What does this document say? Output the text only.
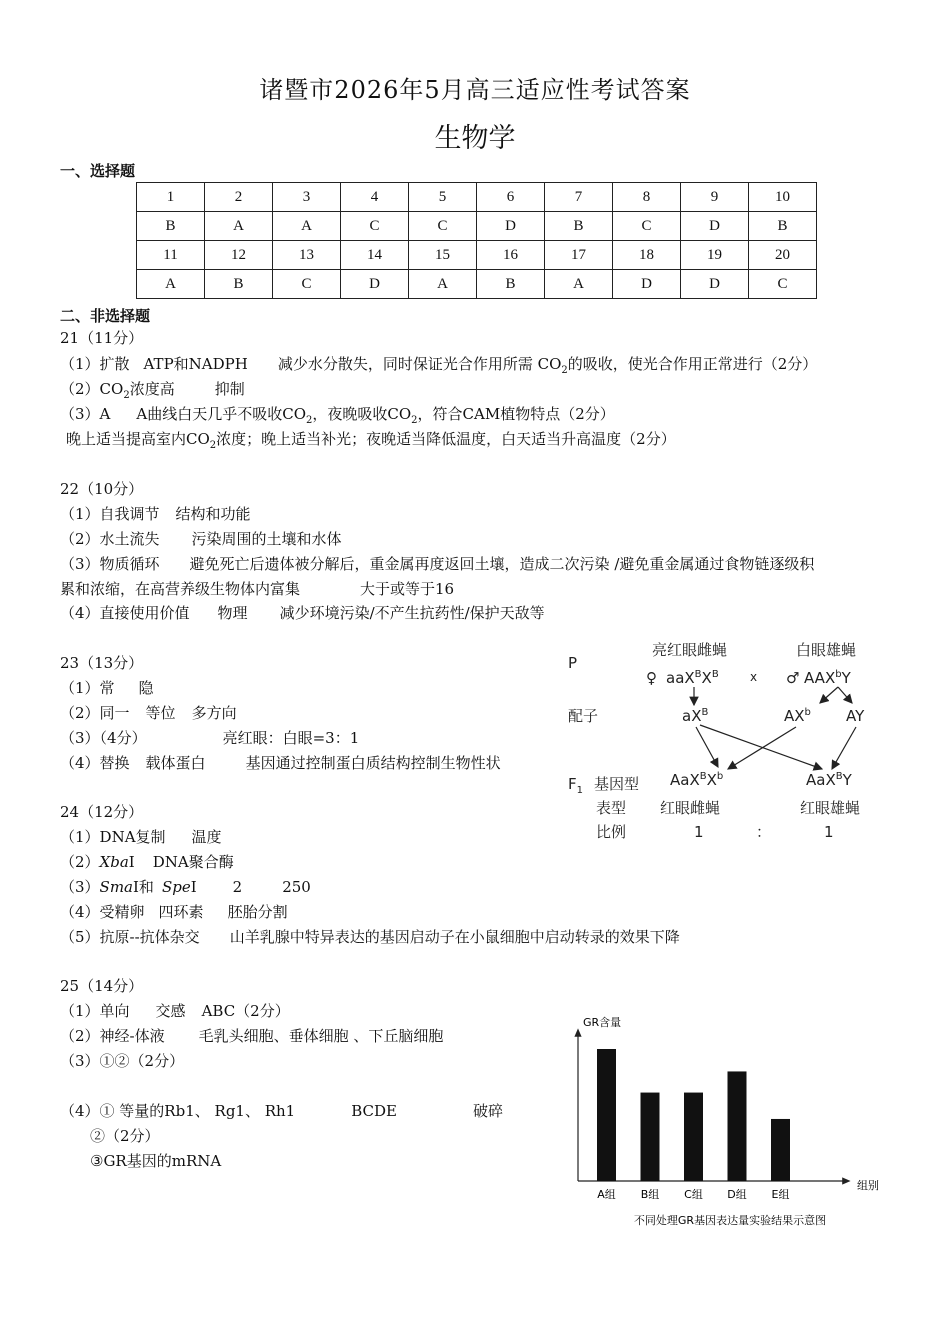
诸暨市2026年5月高三适应性考试答案
生物学
一、选择题
1	2	3	4	5	6	7	8	9	10
B	A	A	C	C	D	B	C	D	B
11	12	13	14	15	16	17	18	19	20
A	B	C	D	A	B	A	D	D	C
二、非选择题
21（11分）
（1）扩散 ATP和NADPH 减少水分散失，同时保证光合作用所需 $CO_2$的吸收，使光合作用正常进行（2分）
$(2)CO_2$浓度高	抑制
（3）A A曲线白天几乎不吸收$CO_2$，夜晚吸收$CO_2$，符合CAM植物特点（2分）
晚上适当提高室内$CO_2$浓度；晚上适当补光；夜晚适当降低温度，白天适当升高温度（2分）
22（10分）
（1）自我调节 结构和功能
（2）水土流失 污染周围的土壤和水体
（3）物质循环 避免死亡后遗体被分解后，重金属再度返回土壤，造成二次污染 /避免重金属通过食物链逐级积
累和浓缩，在高营养级生物体内富集	大于或等于16
（4）直接使用价值 物理 减少环境污染/不产生抗药性/保护天敌等
23（13分）
（1）常 隐
（2）同一 等位 多方向
（3）（4分）	亮红眼：白眼=3：1
（4）替换 载体蛋白	基因通过控制蛋白质结构控制生物性状
P
亮红眼雌蝇	白眼雄蝇
♀ $aaX^BX^B$	x ♂ AAX$^b$Y
配子	$aX^B$	$AX^b$ AY
$F_1$ 基因型 $AaX^BX^b$	AaX$^B$Y
表型 红眼雌蝇	红眼雄蝇
比例	1	：	1
24（12分）
（1）DNA复制 温度
（2）XbaⅠ DNA聚合酶
（3）SmaⅠ和 SpeⅠ 2	250
（4）受精卵 四环素 胚胎分割
（5）抗原--抗体杂交 山羊乳腺中特异表达的基因启动子在小鼠细胞中启动转录的效果下降
25（14分）
（1）单向 交感 ABC（2分）
（2）神经-体液 毛乳头细胞、垂体细胞 、下丘脑细胞
（3）①②（2分）
（4）① 等量的Rb1、 Rg1、 Rh1	BCDE	破碎
②（2分）
③GR基因的mRNA
GR含量
组别
A组 B组 C组 D组 E组
不同处理GR基因表达量实验结果示意图
